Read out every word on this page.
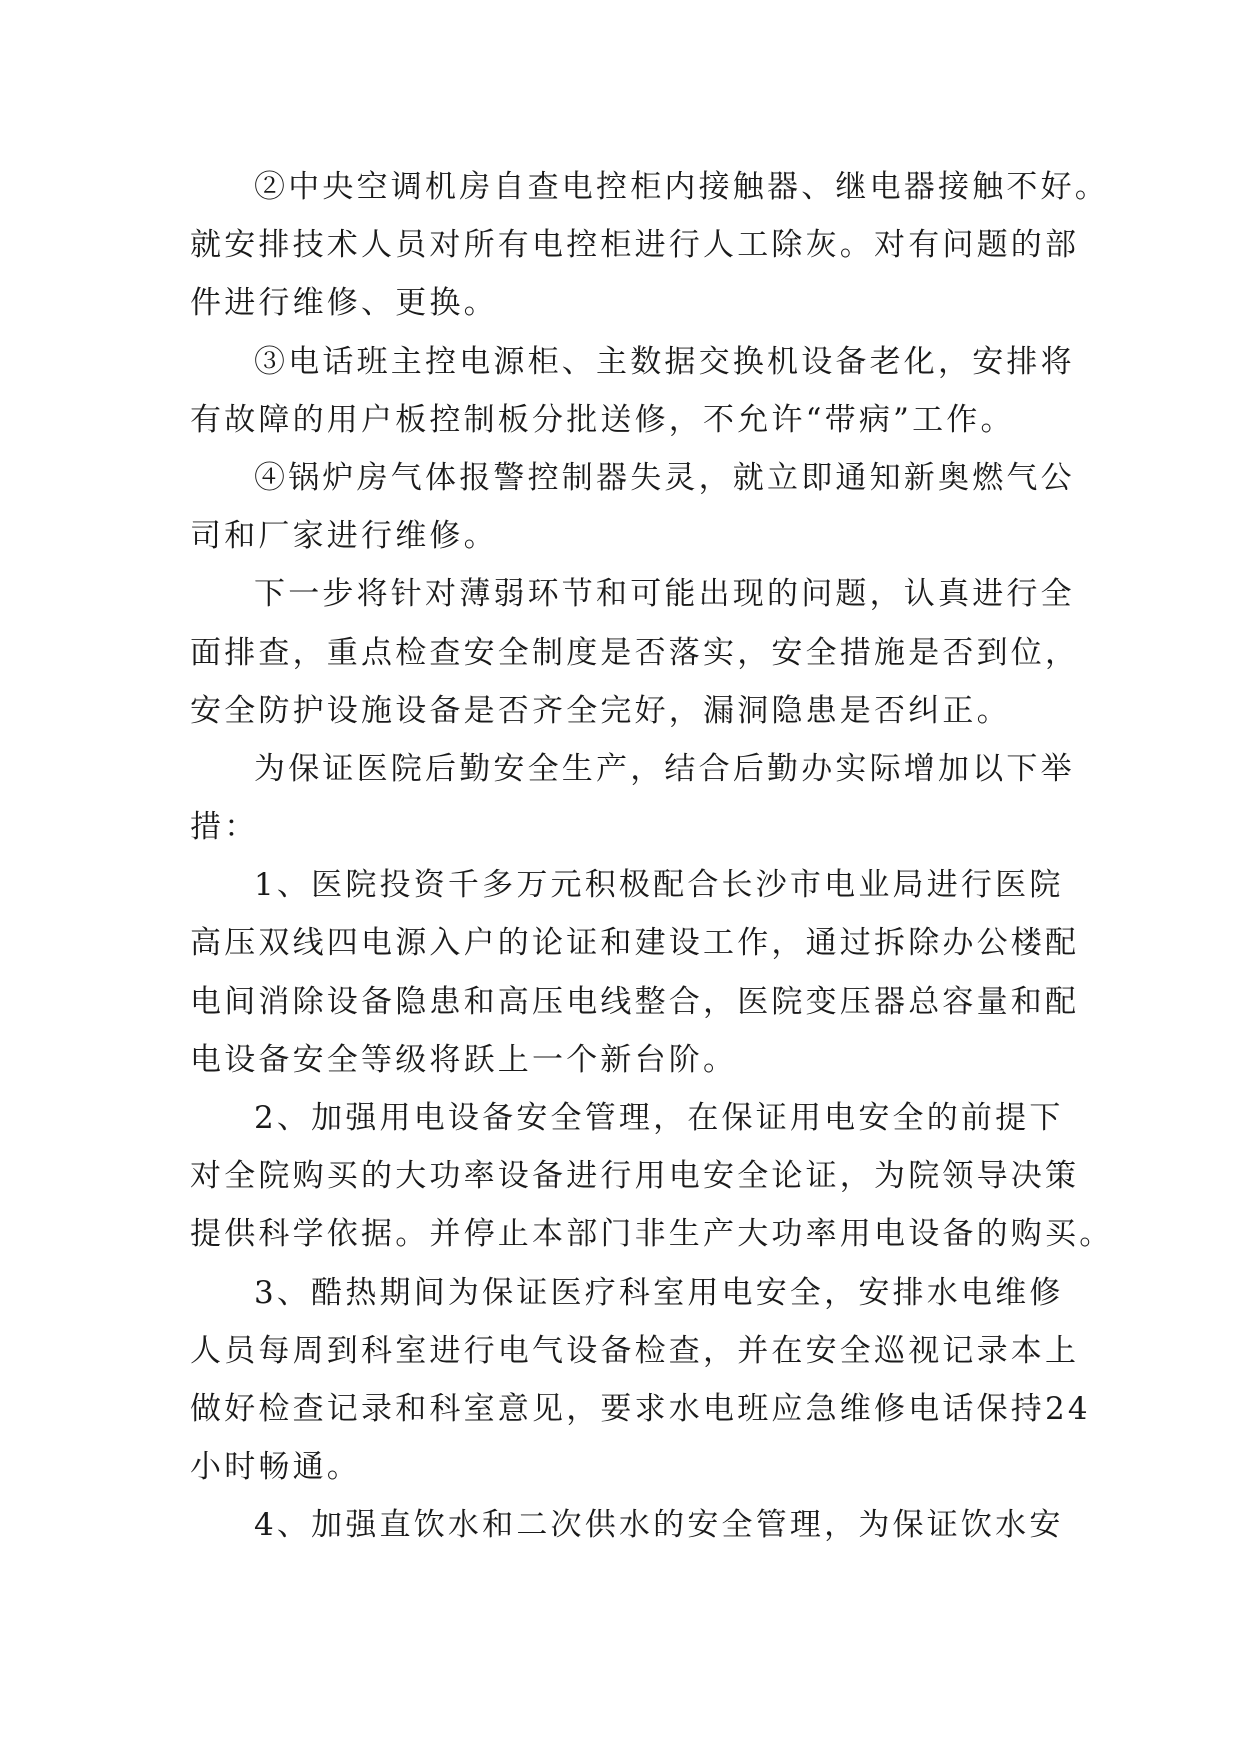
②中央空调机房自查电控柜内接触器、继电器接触不好。
就安排技术人员对所有电控柜进行人工除灰。对有问题的部
件进行维修、更换。

③电话班主控电源柜、主数据交换机设备老化，安排将
有故障的用户板控制板分批送修，不允许“带病”工作。

④锅炉房气体报警控制器失灵，就立即通知新奥燃气公
司和厂家进行维修。

下一步将针对薄弱环节和可能出现的问题，认真进行全
面排查，重点检查安全制度是否落实，安全措施是否到位，
安全防护设施设备是否齐全完好，漏洞隐患是否纠正。

为保证医院后勤安全生产，结合后勤办实际增加以下举
措：

1、医院投资千多万元积极配合长沙市电业局进行医院
高压双线四电源入户的论证和建设工作，通过拆除办公楼配
电间消除设备隐患和高压电线整合，医院变压器总容量和配
电设备安全等级将跃上一个新台阶。

2、加强用电设备安全管理，在保证用电安全的前提下
对全院购买的大功率设备进行用电安全论证，为院领导决策
提供科学依据。并停止本部门非生产大功率用电设备的购买。

3、酷热期间为保证医疗科室用电安全，安排水电维修
人员每周到科室进行电气设备检查，并在安全巡视记录本上
做好检查记录和科室意见，要求水电班应急维修电话保持24
小时畅通。

4、加强直饮水和二次供水的安全管理，为保证饮水安
